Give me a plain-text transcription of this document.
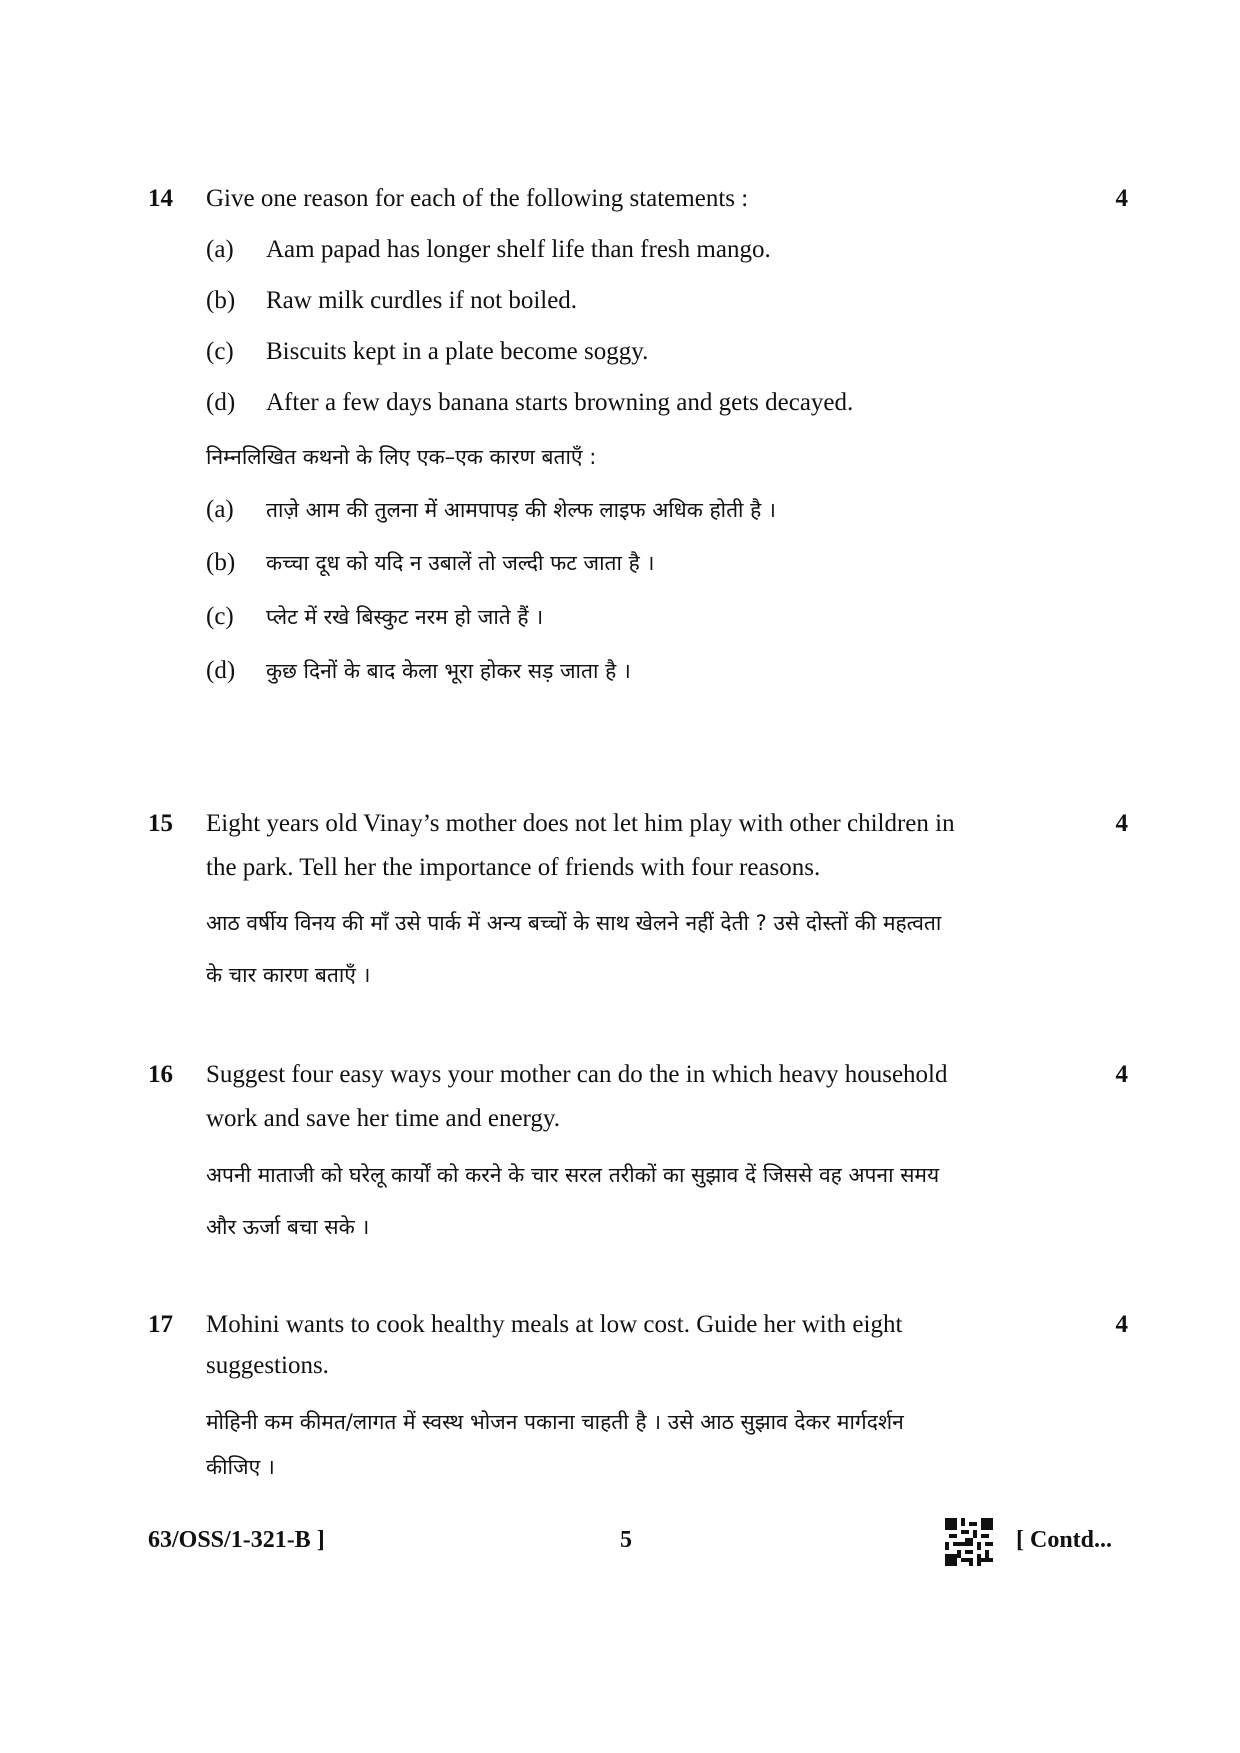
14	4
Give one reason for each of the following statements :
(a) Aam papad has longer shelf life than fresh mango.
(b) Raw milk curdles if not boiled.
(c) Biscuits kept in a plate become soggy.
(d) After a few days banana starts browning and gets decayed.
निम्नलिखित कथनो के लिए एक–एक कारण बताएँ :
(a) ताज़े आम की तुलना में आमपापड़ की शेल्फ लाइफ अधिक होती है ।
(b) कच्चा दूध को यदि न उबालें तो जल्दी फट जाता है ।
(c) प्लेट में रखे बिस्कुट नरम हो जाते हैं ।
(d) कुछ दिनों के बाद केला भूरा होकर सड़ जाता है ।
15	4
Eight years old Vinay’s mother does not let him play with other children in
the park. Tell her the importance of friends with four reasons.
आठ वर्षीय विनय की माँ उसे पार्क में अन्य बच्चों के साथ खेलने नहीं देती ? उसे दोस्तों की महत्वता
के चार कारण बताएँ ।
16	4
Suggest four easy ways your mother can do the in which heavy household
work and save her time and energy.
अपनी माताजी को घरेलू कार्यों को करने के चार सरल तरीकों का सुझाव दें जिससे वह अपना समय
और ऊर्जा बचा सके ।
17	4
Mohini wants to cook healthy meals at low cost. Guide her with eight
suggestions.
मोहिनी कम कीमत/लागत में स्वस्थ भोजन पकाना चाहती है । उसे आठ सुझाव देकर मार्गदर्शन
कीजिए ।
63/OSS/1-321-B ]	5	[ Contd...
